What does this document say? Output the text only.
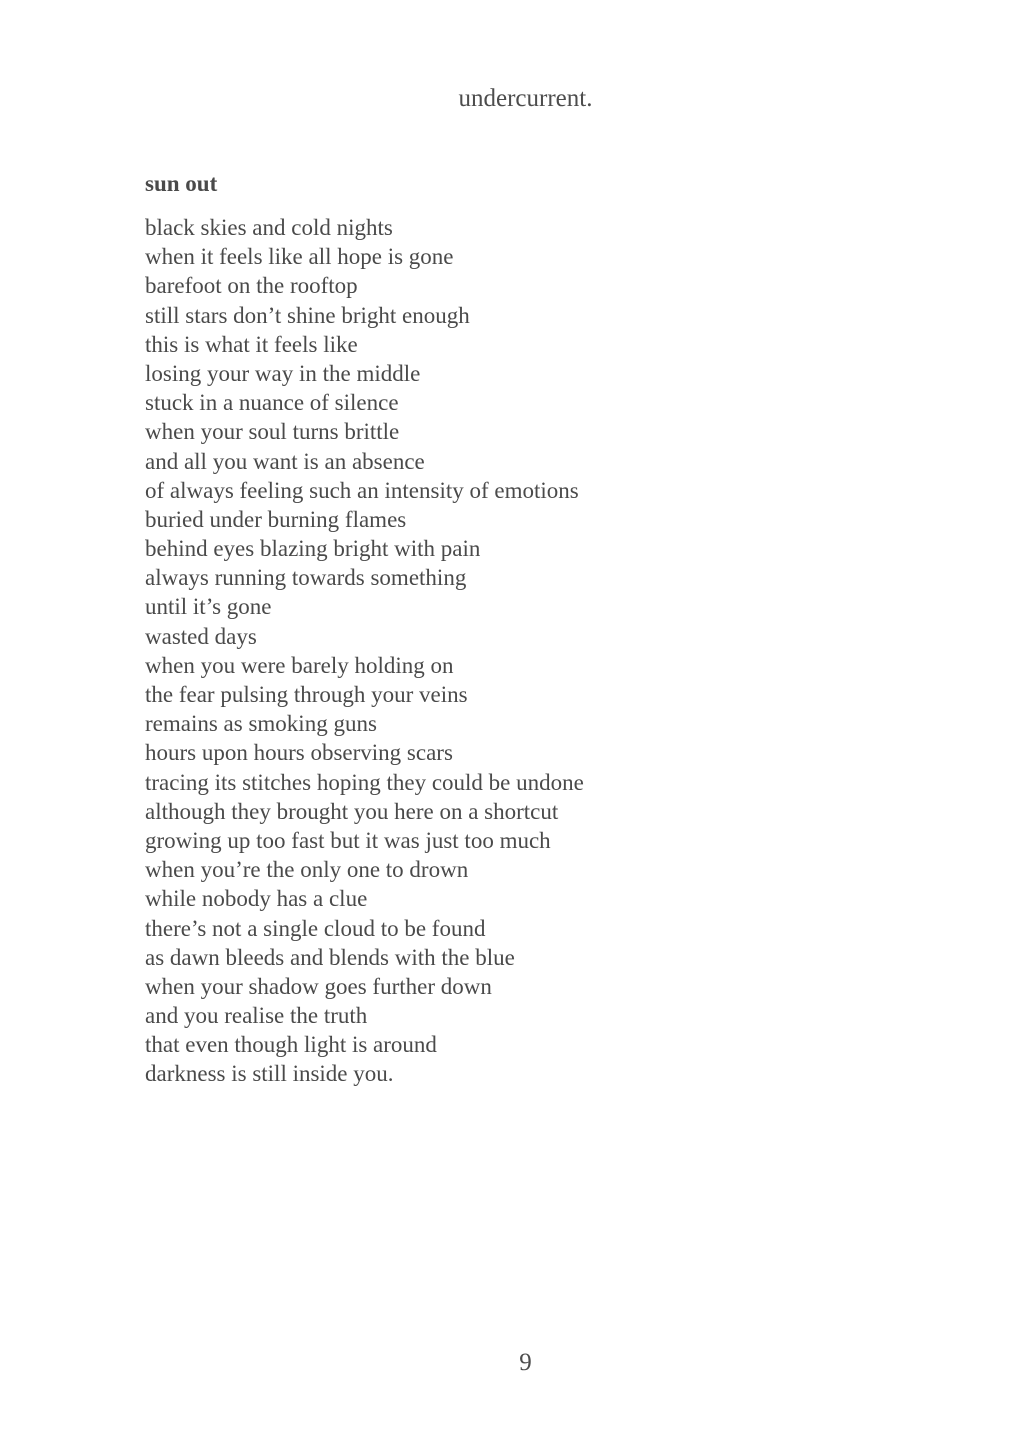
undercurrent.
sun out
black skies and cold nights
when it feels like all hope is gone
barefoot on the rooftop
still stars don’t shine bright enough
this is what it feels like
losing your way in the middle
stuck in a nuance of silence
when your soul turns brittle
and all you want is an absence
of always feeling such an intensity of emotions
buried under burning flames
behind eyes blazing bright with pain
always running towards something
until it’s gone
wasted days
when you were barely holding on
the fear pulsing through your veins
remains as smoking guns
hours upon hours observing scars
tracing its stitches hoping they could be undone
although they brought you here on a shortcut
growing up too fast but it was just too much
when you’re the only one to drown
while nobody has a clue
there’s not a single cloud to be found
as dawn bleeds and blends with the blue
when your shadow goes further down
and you realise the truth
that even though light is around
darkness is still inside you.
9
